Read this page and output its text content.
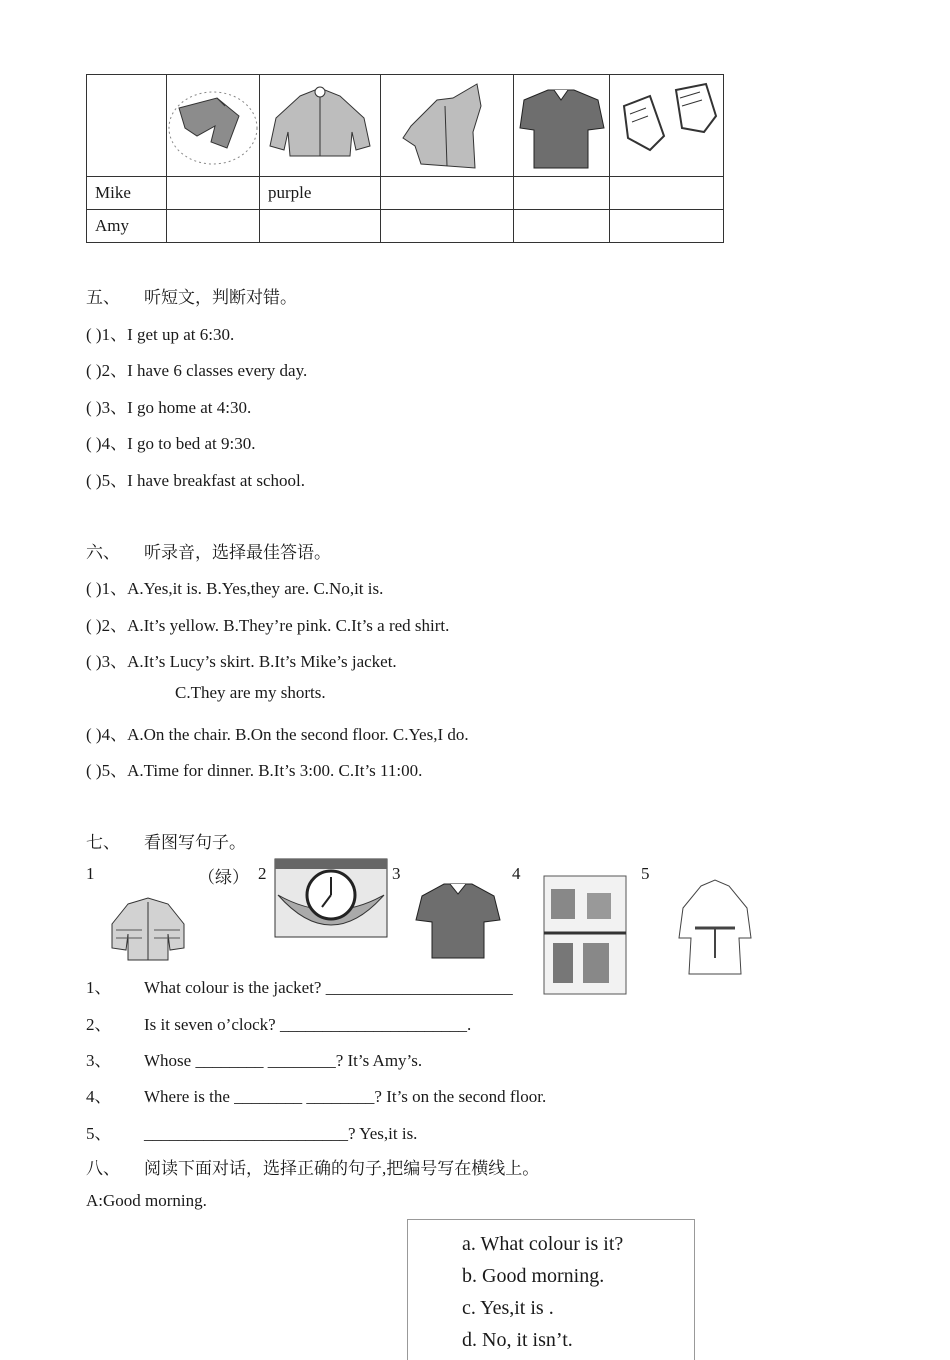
Mike		purple			
Amy					
五、 听短文，判断对错。
( )1、I get up at 6:30.
( )2、I have 6 classes every day.
( )3、I go home at 4:30.
( )4、I go to bed at 9:30.
( )5、I have breakfast at school.
六、 听录音，选择最佳答语。
( )1、A.Yes,it is. B.Yes,they are. C.No,it is.
( )2、A.It’s yellow. B.They’re pink. C.It’s a red shirt.
( )3、A.It’s Lucy’s skirt. B.It’s Mike’s jacket.
C.They are my shorts.
( )4、A.On the chair. B.On the second floor. C.Yes,I do.
( )5、A.Time for dinner. B.It’s 3:00. C.It’s 11:00.
七、 看图写句子。
1	（绿） 2	3	4	5
1、 What colour is the jacket? ______________________
2、 Is it seven o’clock? ______________________.
3、 Whose ________ ________? It’s Amy’s.
4、 Where is the ________ ________? It’s on the second floor.
5、 ________________________? Yes,it is.
八、 阅读下面对话，选择正确的句子,把编号写在横线上。
A:Good morning.
a. What colour is it?
b. Good morning.
c. Yes,it is .
d. No, it isn’t.
